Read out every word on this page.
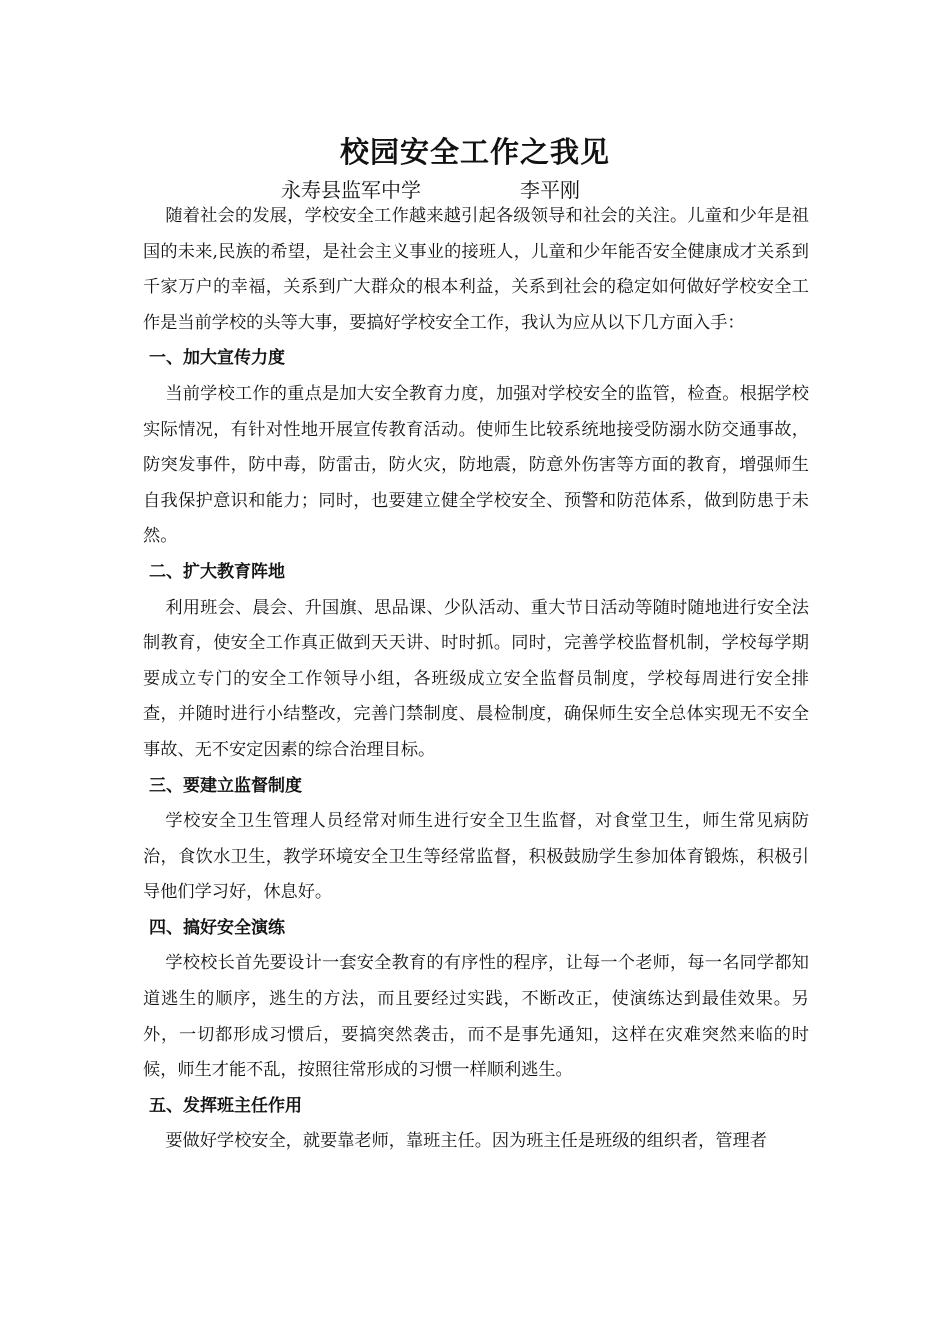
校园安全工作之我见
永寿县监军中学	李平刚

随着社会的发展，学校安全工作越来越引起各级领导和社会的关注。儿童和少年是祖国的未来,民族的希望，是社会主义事业的接班人，儿童和少年能否安全健康成才关系到千家万户的幸福，关系到广大群众的根本利益，关系到社会的稳定如何做好学校安全工作是当前学校的头等大事，要搞好学校安全工作，我认为应从以下几方面入手：

一、加大宣传力度

当前学校工作的重点是加大安全教育力度，加强对学校安全的监管，检查。根据学校实际情况，有针对性地开展宣传教育活动。使师生比较系统地接受防溺水防交通事故，防突发事件，防中毒，防雷击，防火灾，防地震，防意外伤害等方面的教育，增强师生自我保护意识和能力；同时，也要建立健全学校安全、预警和防范体系，做到防患于未然。

二、扩大教育阵地

利用班会、晨会、升国旗、思品课、少队活动、重大节日活动等随时随地进行安全法制教育，使安全工作真正做到天天讲、时时抓。同时，完善学校监督机制，学校每学期要成立专门的安全工作领导小组，各班级成立安全监督员制度，学校每周进行安全排查，并随时进行小结整改，完善门禁制度、晨检制度，确保师生安全总体实现无不安全事故、无不安定因素的综合治理目标。

三、要建立监督制度

学校安全卫生管理人员经常对师生进行安全卫生监督，对食堂卫生，师生常见病防治，食饮水卫生，教学环境安全卫生等经常监督，积极鼓励学生参加体育锻炼，积极引导他们学习好，休息好。

四、搞好安全演练

学校校长首先要设计一套安全教育的有序性的程序，让每一个老师，每一名同学都知道逃生的顺序，逃生的方法，而且要经过实践，不断改正，使演练达到最佳效果。另外，一切都形成习惯后，要搞突然袭击，而不是事先通知，这样在灾难突然来临的时候，师生才能不乱，按照往常形成的习惯一样顺利逃生。

五、发挥班主任作用

要做好学校安全，就要靠老师，靠班主任。因为班主任是班级的组织者，管理者
